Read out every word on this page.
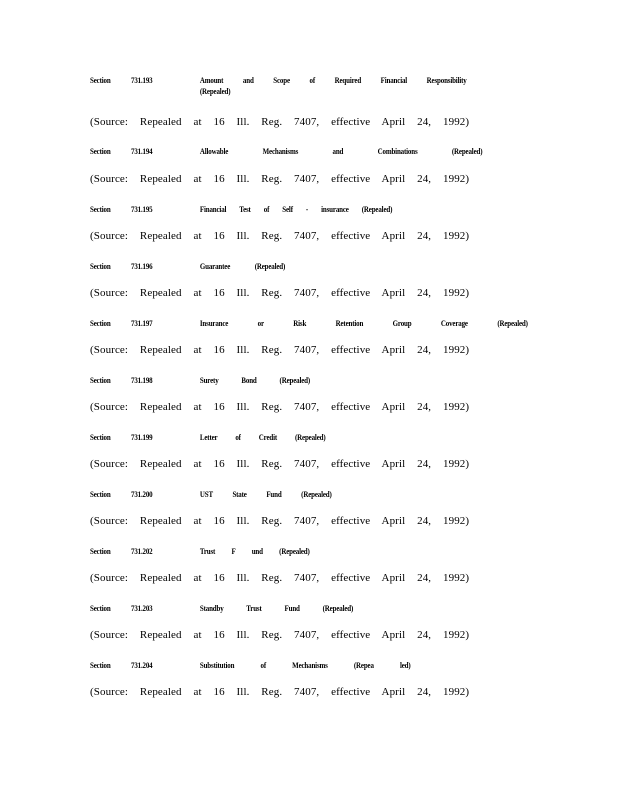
Section 731.193	Amount and Scope of Required Financial Responsibility
(Repealed)
(Source: Repealed at 16 Ill. Reg. 7407, effective April 24, 1992)
Section 731.194	Allowable Mechanisms and Combinations (Repealed)
(Source: Repealed at 16 Ill. Reg. 7407, effective April 24, 1992)
Section 731.195	Financial Test of Self - insurance (Repealed)
(Source: Repealed at 16 Ill. Reg. 7407, effective April 24, 1992)
Section 731.196	Guarantee (Repealed)
(Source: Repealed at 16 Ill. Reg. 7407, effective April 24, 1992)
Section 731.197	Insurance or Risk Retention Group Coverage (Repealed)
(Source: Repealed at 16 Ill. Reg. 7407, effective April 24, 1992)
Section 731.198	Surety Bond (Repealed)
(Source: Repealed at 16 Ill. Reg. 7407, effective April 24, 1992)
Section 731.199	Letter of Credit (Repealed)
(Source: Repealed at 16 Ill. Reg. 7407, effective April 24, 1992)
Section 731.200	UST State Fund (Repealed)
(Source: Repealed at 16 Ill. Reg. 7407, effective April 24, 1992)
Section 731.202	Trust F und (Repealed)
(Source: Repealed at 16 Ill. Reg. 7407, effective April 24, 1992)
Section 731.203	Standby Trust Fund (Repealed)
(Source: Repealed at 16 Ill. Reg. 7407, effective April 24, 1992)
Section 731.204	Substitution of Mechanisms (Repea led)
(Source: Repealed at 16 Ill. Reg. 7407, effective April 24, 1992)
